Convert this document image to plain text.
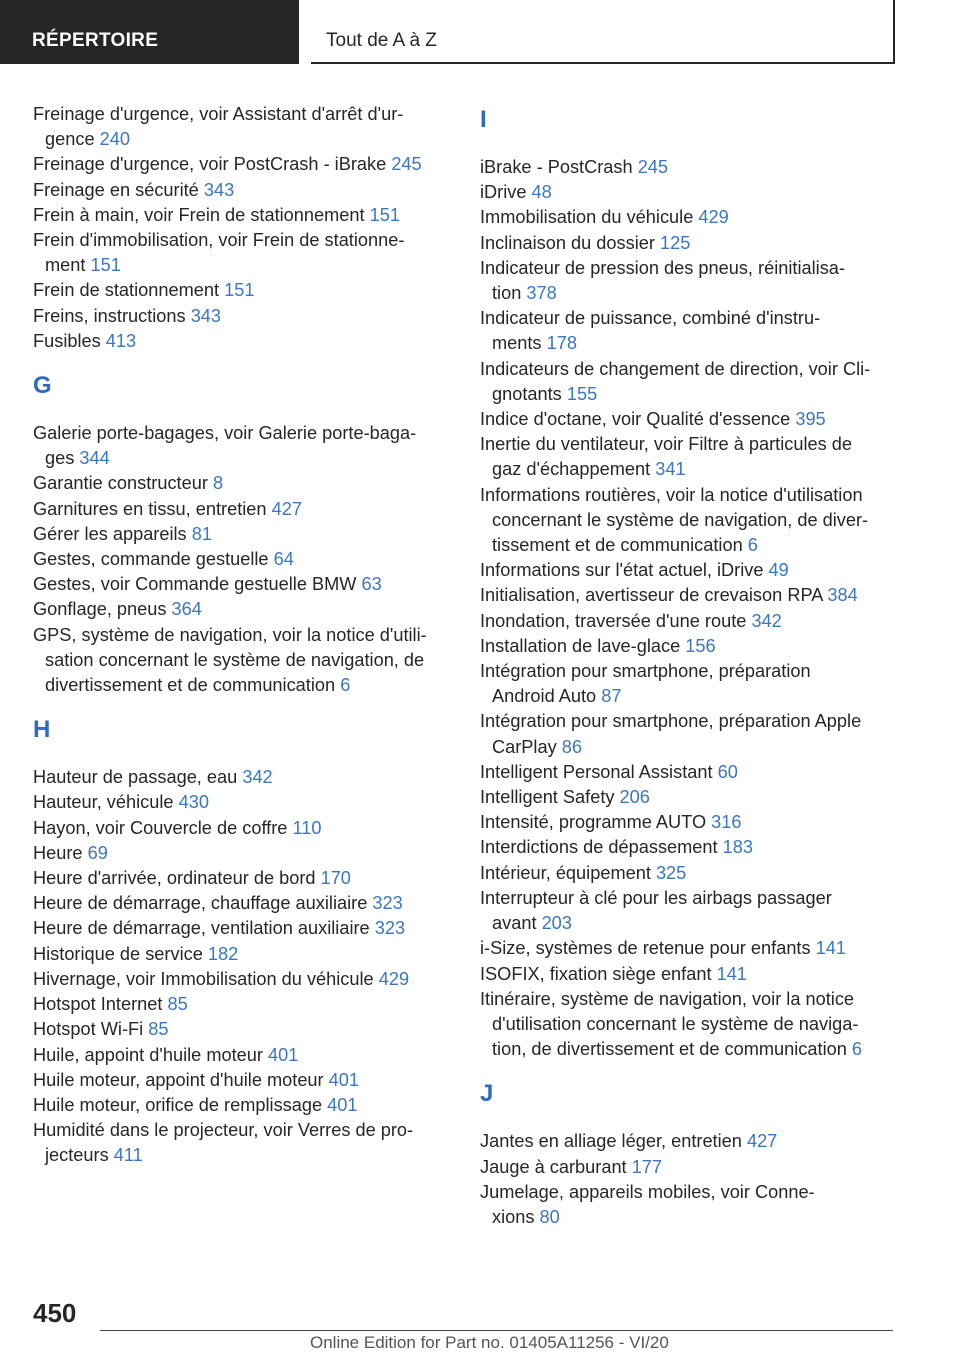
RÉPERTOIRE	Tout de A à Z
Freinage d'urgence, voir Assistant d'arrêt d'ur-
gence 240
Freinage d'urgence, voir PostCrash - iBrake 245
Freinage en sécurité 343
Frein à main, voir Frein de stationnement 151
Frein d'immobilisation, voir Frein de stationne-
ment 151
Frein de stationnement 151
Freins, instructions 343
Fusibles 413
G
Galerie porte-bagages, voir Galerie porte-baga-
ges 344
Garantie constructeur 8
Garnitures en tissu, entretien 427
Gérer les appareils 81
Gestes, commande gestuelle 64
Gestes, voir Commande gestuelle BMW 63
Gonflage, pneus 364
GPS, système de navigation, voir la notice d'utili-
sation concernant le système de navigation, de
divertissement et de communication 6
H
Hauteur de passage, eau 342
Hauteur, véhicule 430
Hayon, voir Couvercle de coffre 110
Heure 69
Heure d'arrivée, ordinateur de bord 170
Heure de démarrage, chauffage auxiliaire 323
Heure de démarrage, ventilation auxiliaire 323
Historique de service 182
Hivernage, voir Immobilisation du véhicule 429
Hotspot Internet 85
Hotspot Wi-Fi 85
Huile, appoint d'huile moteur 401
Huile moteur, appoint d'huile moteur 401
Huile moteur, orifice de remplissage 401
Humidité dans le projecteur, voir Verres de pro-
jecteurs 411
I
iBrake - PostCrash 245
iDrive 48
Immobilisation du véhicule 429
Inclinaison du dossier 125
Indicateur de pression des pneus, réinitialisa-
tion 378
Indicateur de puissance, combiné d'instru-
ments 178
Indicateurs de changement de direction, voir Cli-
gnotants 155
Indice d'octane, voir Qualité d'essence 395
Inertie du ventilateur, voir Filtre à particules de
gaz d'échappement 341
Informations routières, voir la notice d'utilisation
concernant le système de navigation, de diver-
tissement et de communication 6
Informations sur l'état actuel, iDrive 49
Initialisation, avertisseur de crevaison RPA 384
Inondation, traversée d'une route 342
Installation de lave-glace 156
Intégration pour smartphone, préparation
Android Auto 87
Intégration pour smartphone, préparation Apple
CarPlay 86
Intelligent Personal Assistant 60
Intelligent Safety 206
Intensité, programme AUTO 316
Interdictions de dépassement 183
Intérieur, équipement 325
Interrupteur à clé pour les airbags passager
avant 203
i-Size, systèmes de retenue pour enfants 141
ISOFIX, fixation siège enfant 141
Itinéraire, système de navigation, voir la notice
d'utilisation concernant le système de naviga-
tion, de divertissement et de communication 6
J
Jantes en alliage léger, entretien 427
Jauge à carburant 177
Jumelage, appareils mobiles, voir Conne-
xions 80
450
Online Edition for Part no. 01405A11256 - VI/20
